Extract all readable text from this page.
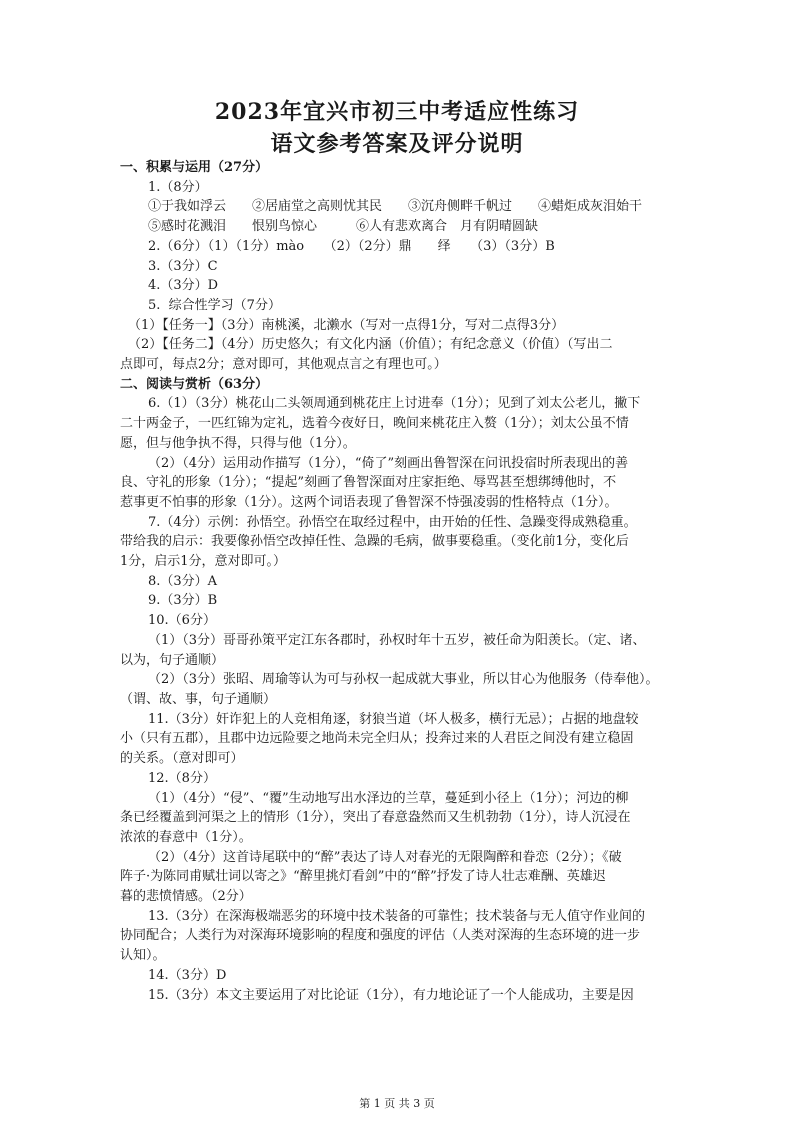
2023年宜兴市初三中考适应性练习
语文参考答案及评分说明

一、积累与运用（27分）

1.（8分）

①于我如浮云　　②居庙堂之高则忧其民　　③沉舟侧畔千帆过　　④蜡炬成灰泪始干

⑤感时花溅泪　　恨别鸟惊心　　　⑥人有悲欢离合　月有阴晴圆缺

2.（6分）（1）（1分）mào　　（2）（2分）鼎　　绎　　（3）（3分）B

3.（3分）C

4.（3分）D

5.  综合性学习（7分）

（1）【任务一】（3分）南桃溪，北濑水（写对一点得1分，写对二点得3分）

（2）【任务二】（4分）历史悠久；有文化内涵（价值）；有纪念意义（价值）（写出二

点即可，每点2分；意对即可，其他观点言之有理也可。）

二、阅读与赏析（63分）

6.（1）（3分）桃花山二头领周通到桃花庄上讨进奉（1分）；见到了刘太公老儿，撇下

二十两金子，一匹红锦为定礼，选着今夜好日，晚间来桃花庄入赘（1分）；刘太公虽不情

愿，但与他争执不得，只得与他（1分）。

（2）（4分）运用动作描写（1分），“倚了”刻画出鲁智深在问讯投宿时所表现出的善

良、守礼的形象（1分）；“提起”刻画了鲁智深面对庄家拒绝、辱骂甚至想绑缚他时，不

惹事更不怕事的形象（1分）。这两个词语表现了鲁智深不恃强凌弱的性格特点（1分）。

7.（4分）示例：孙悟空。孙悟空在取经过程中，由开始的任性、急躁变得成熟稳重。

带给我的启示：我要像孙悟空改掉任性、急躁的毛病，做事要稳重。（变化前1分，变化后

1分，启示1分，意对即可。）

8.（3分）A

9.（3分）B

10.（6分）

（1）（3分）哥哥孙策平定江东各郡时，孙权时年十五岁，被任命为阳羡长。（定、诸、

以为，句子通顺）

（2）（3分）张昭、周瑜等认为可与孙权一起成就大事业，所以甘心为他服务（侍奉他）。

（谓、故、事，句子通顺）

11.（3分）奸诈犯上的人竞相角逐，豺狼当道（坏人极多，横行无忌）；占据的地盘较

小（只有五郡），且郡中边远险要之地尚未完全归从；投奔过来的人君臣之间没有建立稳固

的关系。（意对即可）

12.（8分）

（1）（4分）“侵”、“覆”生动地写出水泽边的兰草，蔓延到小径上（1分）；河边的柳

条已经覆盖到河渠之上的情形（1分），突出了春意盎然而又生机勃勃（1分），诗人沉浸在

浓浓的春意中（1分）。

（2）（4分）这首诗尾联中的“醉”表达了诗人对春光的无限陶醉和眷恋（2分）；《破

阵子·为陈同甫赋壮词以寄之》“醉里挑灯看剑”中的“醉”抒发了诗人壮志难酬、英雄迟

暮的悲愤情感。（2分）

13.（3分）在深海极端恶劣的环境中技术装备的可靠性；技术装备与无人值守作业间的

协同配合；人类行为对深海环境影响的程度和强度的评估（人类对深海的生态环境的进一步

认知）。

14.（3分）D

15.（3分）本文主要运用了对比论证（1分），有力地论证了一个人能成功，主要是因

第 1 页 共 3 页
